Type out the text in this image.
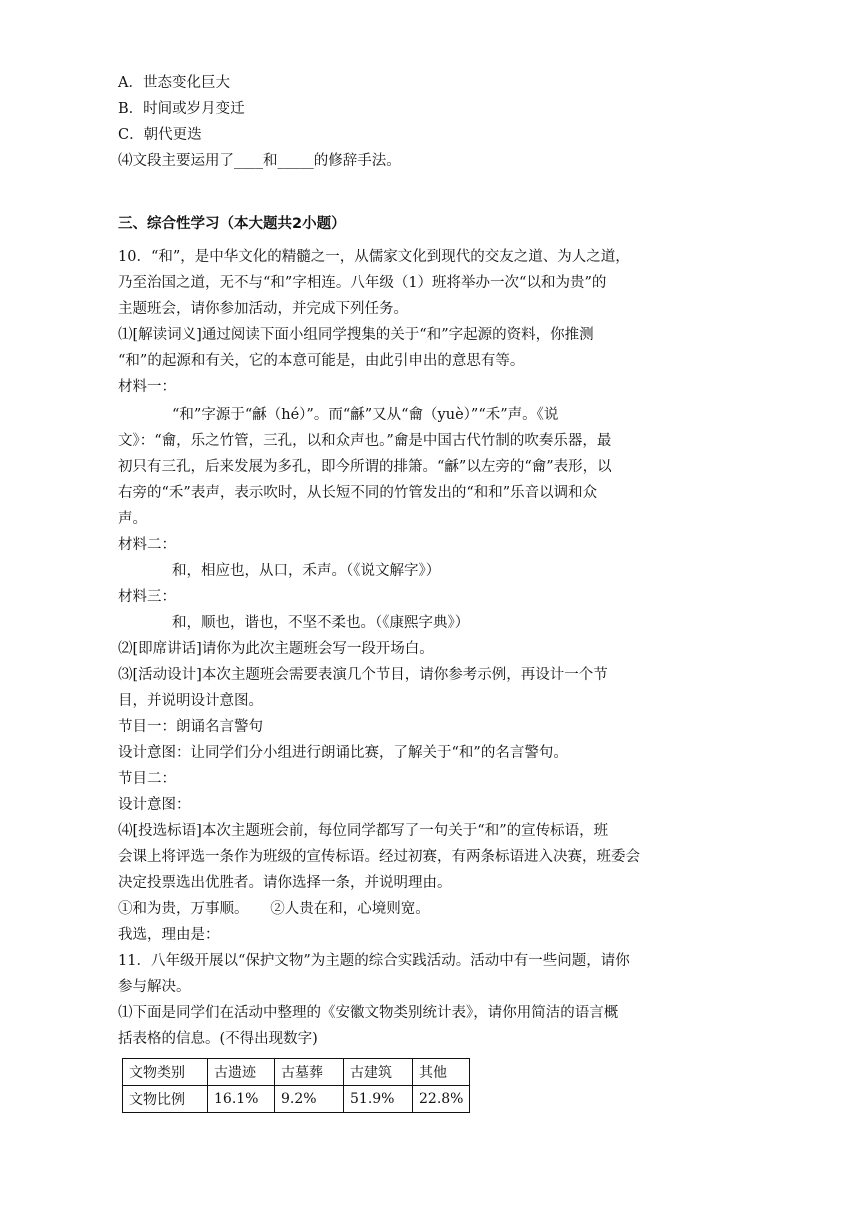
A．世态变化巨大
B．时间或岁月变迁
C．朝代更迭
⑷文段主要运用了____和_____的修辞手法。
三、综合性学习（本大题共2小题）
10．“和”，是中华文化的精髓之一，从儒家文化到现代的交友之道、为人之道，
乃至治国之道，无不与“和”字相连。八年级（1）班将举办一次“以和为贵”的
主题班会，请你参加活动，并完成下列任务。
⑴[解读词义]通过阅读下面小组同学搜集的关于“和”字起源的资料，你推测
“和”的起源和有关，它的本意可能是，由此引申出的意思有等。
材料一：
“和”字源于“龢（hé）”。而“龢”又从“龠（yuè）”“禾”声。《说
文》：“龠，乐之竹管，三孔，以和众声也。”龠是中国古代竹制的吹奏乐器，最
初只有三孔，后来发展为多孔，即今所谓的排箫。“龢”以左旁的“龠”表形，以
右旁的“禾”表声，表示吹时，从长短不同的竹管发出的“和和”乐音以调和众
声。
材料二：
和，相应也，从口，禾声。（《说文解字》）
材料三：
和，顺也，谐也，不坚不柔也。（《康熙字典》）
⑵[即席讲话]请你为此次主题班会写一段开场白。
⑶[活动设计]本次主题班会需要表演几个节目，请你参考示例，再设计一个节
目，并说明设计意图。
节目一：朗诵名言警句
设计意图：让同学们分小组进行朗诵比赛，了解关于“和”的名言警句。
节目二：
设计意图：
⑷[投选标语]本次主题班会前，每位同学都写了一句关于“和”的宣传标语，班
会课上将评选一条作为班级的宣传标语。经过初赛，有两条标语进入决赛，班委会
决定投票选出优胜者。请你选择一条，并说明理由。
①和为贵，万事顺。　　②人贵在和，心境则宽。
我选，理由是：
11．八年级开展以“保护文物”为主题的综合实践活动。活动中有一些问题，请你
参与解决。
⑴下面是同学们在活动中整理的《安徽文物类别统计表》，请你用简洁的语言概
括表格的信息。(不得出现数字)
文物类别	古遗迹	古墓葬	古建筑	其他
文物比例	16.1%	9.2%	51.9%	22.8%
